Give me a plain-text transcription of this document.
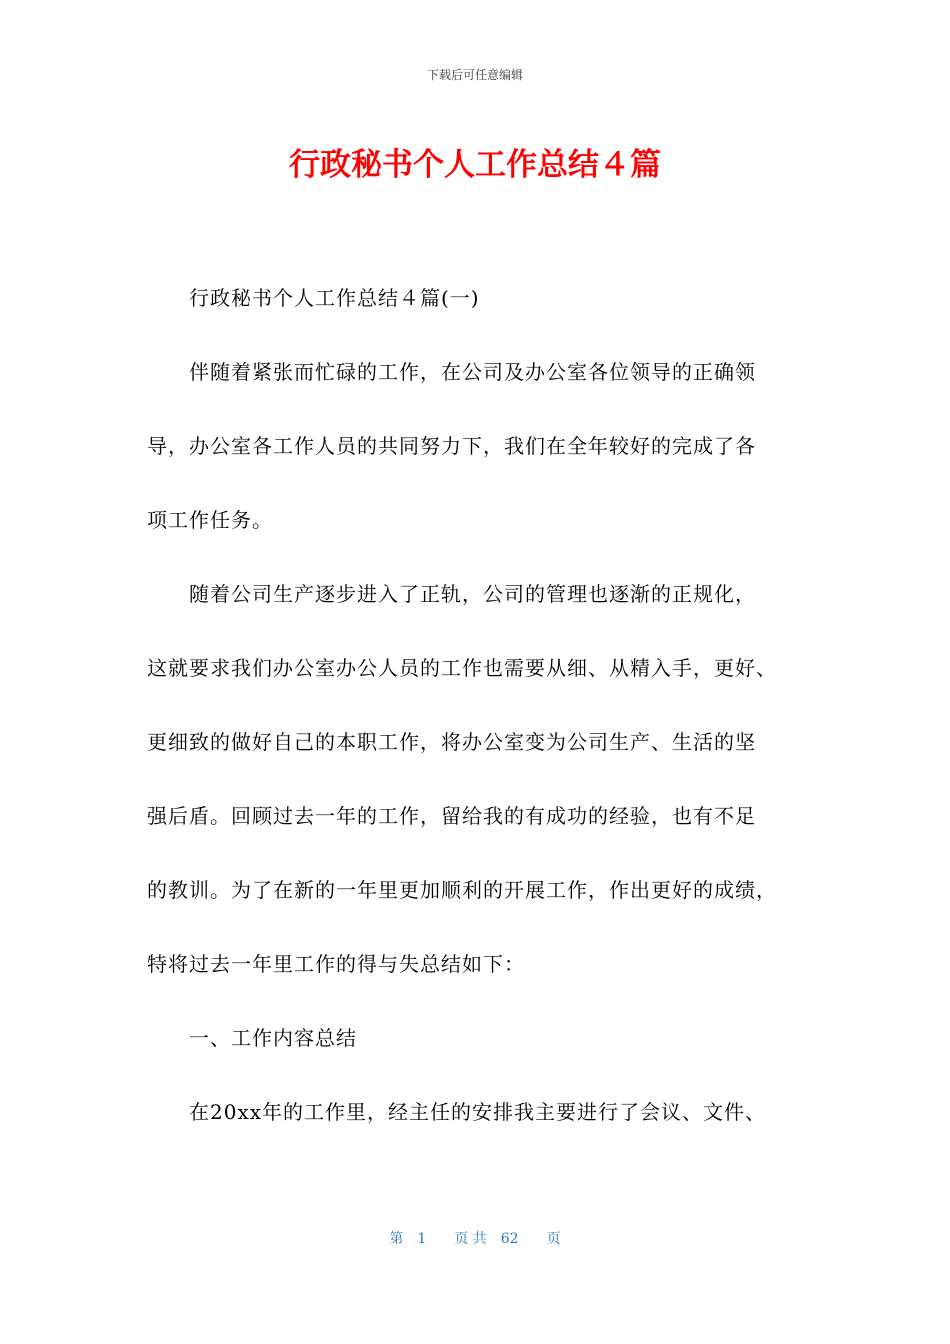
下载后可任意编辑
行政秘书个人工作总结４篇
行政秘书个人工作总结４篇(一)
伴随着紧张而忙碌的工作，在公司及办公室各位领导的正确领
导，办公室各工作人员的共同努力下，我们在全年较好的完成了各
项工作任务。
随着公司生产逐步进入了正轨，公司的管理也逐渐的正规化，
这就要求我们办公室办公人员的工作也需要从细、从精入手，更好、
更细致的做好自己的本职工作，将办公室变为公司生产、生活的坚
强后盾。回顾过去一年的工作，留给我的有成功的经验，也有不足
的教训。为了在新的一年里更加顺利的开展工作，作出更好的成绩，
特将过去一年里工作的得与失总结如下：
一、工作内容总结
在20xx年的工作里，经主任的安排我主要进行了会议、文件、
第　1　　页 共　62　　页
